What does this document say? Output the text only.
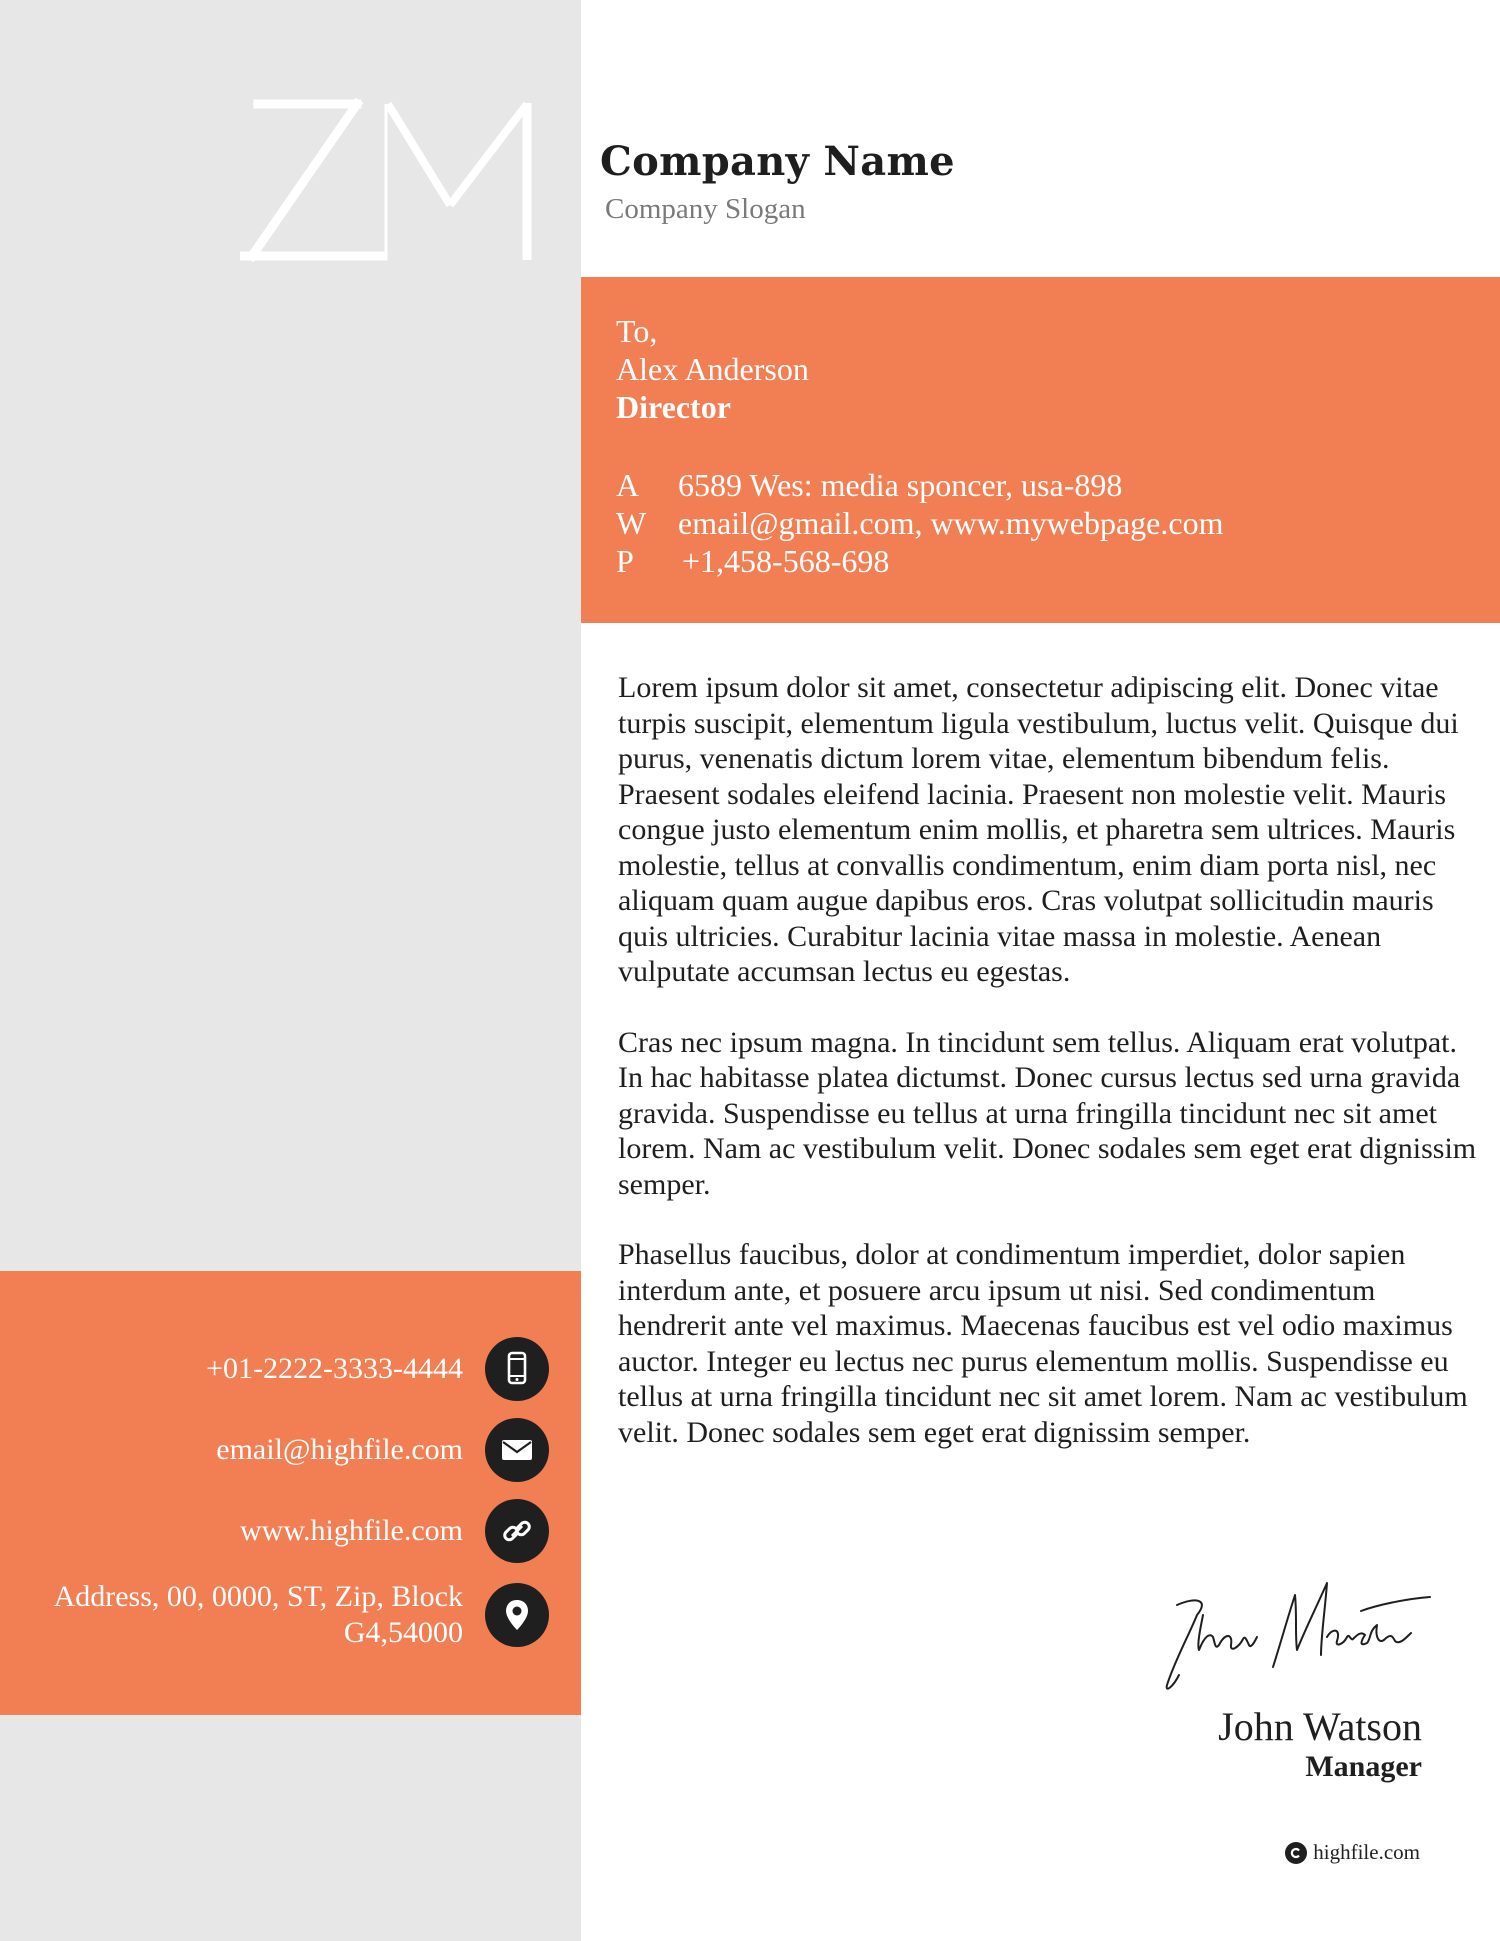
Company Name
Company Slogan
To,
Alex Anderson
Director
A	6589 Wes: media sponcer, usa-898
W email@gmail.com, www.mywebpage.com
P	+1,458-568-698

Lorem ipsum dolor sit amet, consectetur adipiscing elit. Donec vitae turpis suscipit, elementum ligula vestibulum, luctus velit. Quisque dui purus, venenatis dictum lorem vitae, elementum bibendum felis. Praesent sodales eleifend lacinia. Praesent non molestie velit. Mauris congue justo elementum enim mollis, et pharetra sem ultrices. Mauris molestie, tellus at convallis condimentum, enim diam porta nisl, nec aliquam quam augue dapibus eros. Cras volutpat sollicitudin mauris quis ultricies. Curabitur lacinia vitae massa in molestie. Aenean vulputate accumsan lectus eu egestas.

Cras nec ipsum magna. In tincidunt sem tellus. Aliquam erat volutpat. In hac habitasse platea dictumst. Donec cursus lectus sed urna gravida gravida. Suspendisse eu tellus at urna fringilla tincidunt nec sit amet lorem. Nam ac vestibulum velit. Donec sodales sem eget erat dignissim semper.

Phasellus faucibus, dolor at condimentum imperdiet, dolor sapien interdum ante, et posuere arcu ipsum ut nisi. Sed condimentum hendrerit ante vel maximus. Maecenas faucibus est vel odio maximus auctor. Integer eu lectus nec purus elementum mollis. Suspendisse eu tellus at urna fringilla tincidunt nec sit amet lorem. Nam ac vestibulum velit. Donec sodales sem eget erat dignissim semper.

+01-2222-3333-4444
email@highfile.com
www.highfile.com
Address, 00, 0000, ST, Zip, Block G4,54000
John Watson
Manager
highfile.com
